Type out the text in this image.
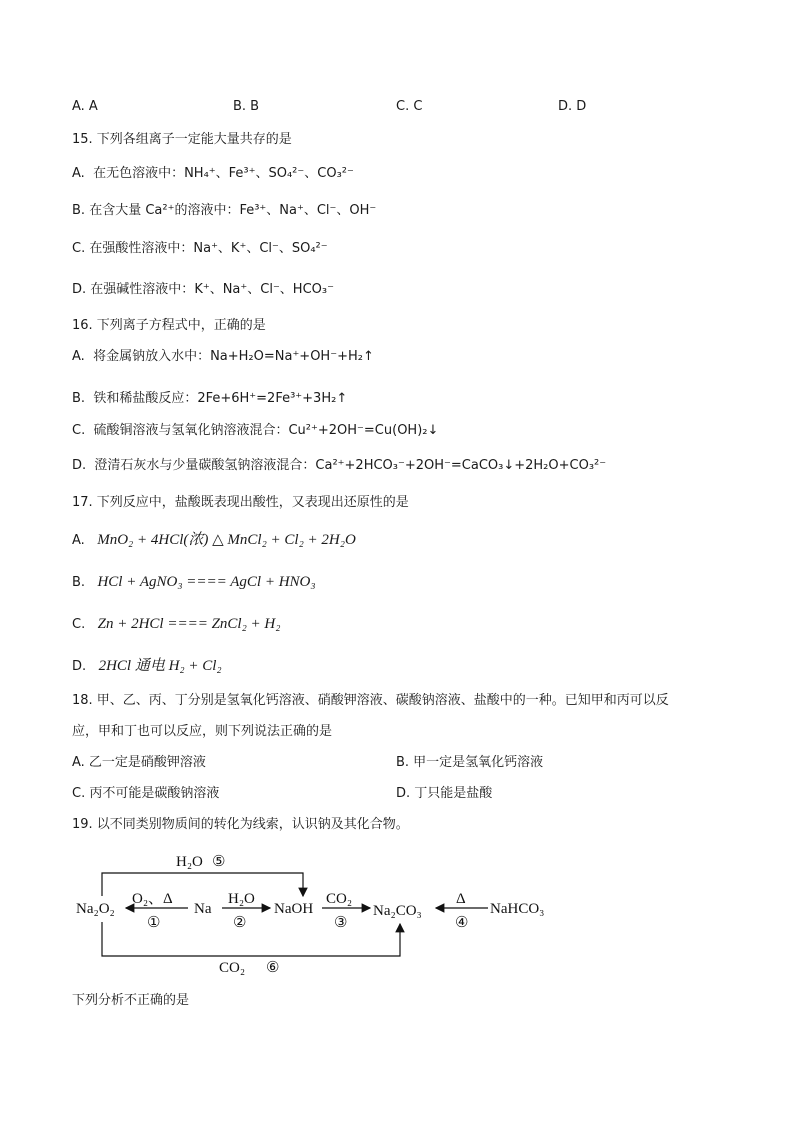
A. A	B. B	C. C	D. D
15. 下列各组离子一定能大量共存的是
A. 在无色溶液中：NH₄⁺、Fe³⁺、SO₄²⁻、CO₃²⁻
B. 在含大量 Ca²⁺的溶液中：Fe³⁺、Na⁺、Cl⁻、OH⁻
C. 在强酸性溶液中：Na⁺、K⁺、Cl⁻、SO₄²⁻
D. 在强碱性溶液中：K⁺、Na⁺、Cl⁻、HCO₃⁻
16. 下列离子方程式中，正确的是
A. 将金属钠放入水中：Na+H₂O=Na⁺+OH⁻+H₂↑
B. 铁和稀盐酸反应：2Fe+6H⁺=2Fe³⁺+3H₂↑
C. 硫酸铜溶液与氢氧化钠溶液混合：Cu²⁺+2OH⁻=Cu(OH)₂↓
D. 澄清石灰水与少量碳酸氢钠溶液混合：Ca²⁺+2HCO₃⁻+2OH⁻=CaCO₃↓+2H₂O+CO₃²⁻
17. 下列反应中，盐酸既表现出酸性，又表现出还原性的是
A. MnO₂ + 4HCl(浓) △ MnCl₂ + Cl₂ + 2H₂O
B. HCl + AgNO₃ ==== AgCl + HNO₃
C. Zn + 2HCl ==== ZnCl₂ + H₂
D. 2HCl 通电 H₂ + Cl₂
18. 甲、乙、丙、丁分别是氢氧化钙溶液、硝酸钾溶液、碳酸钠溶液、盐酸中的一种。已知甲和丙可以反
应，甲和丁也可以反应，则下列说法正确的是
A. 乙一定是硝酸钾溶液	B. 甲一定是氢氧化钙溶液
C. 丙不可能是碳酸钠溶液	D. 丁只能是盐酸
19. 以不同类别物质间的转化为线索，认识钠及其化合物。
Na₂O₂	Na	NaOH	Na₂CO₃	NaHCO₃
O₂、Δ
①
H₂O
②
CO₂
③
Δ
④
H₂O ⑤
CO₂ ⑥
下列分析不正确的是
